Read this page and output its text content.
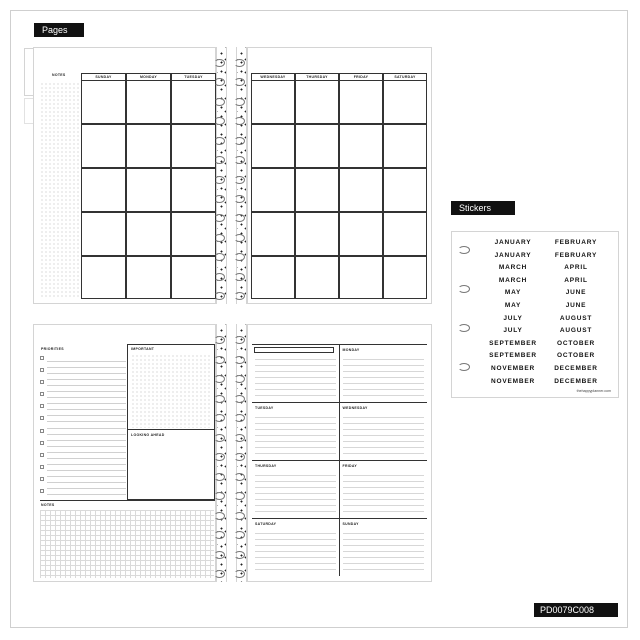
Pages
NOTES	SUNDAY	MONDAY	TUESDAY	WEDNESDAY	THURSDAY	FRIDAY	SATURDAY
PRIORITIES	IMPORTANT
LOOKING AHEAD
NOTES
MONDAY
TUESDAY	WEDNESDAY
THURSDAY	FRIDAY
SATURDAY	SUNDAY
Stickers
JANUARY	FEBRUARY
JANUARY	FEBRUARY
MARCH	APRIL
MARCH	APRIL
MAY	JUNE
MAY	JUNE
JULY	AUGUST
JULY	AUGUST
SEPTEMBER	OCTOBER
SEPTEMBER	OCTOBER
NOVEMBER	DECEMBER
NOVEMBER	DECEMBER
thehappyplanner.com
PD0079C008
